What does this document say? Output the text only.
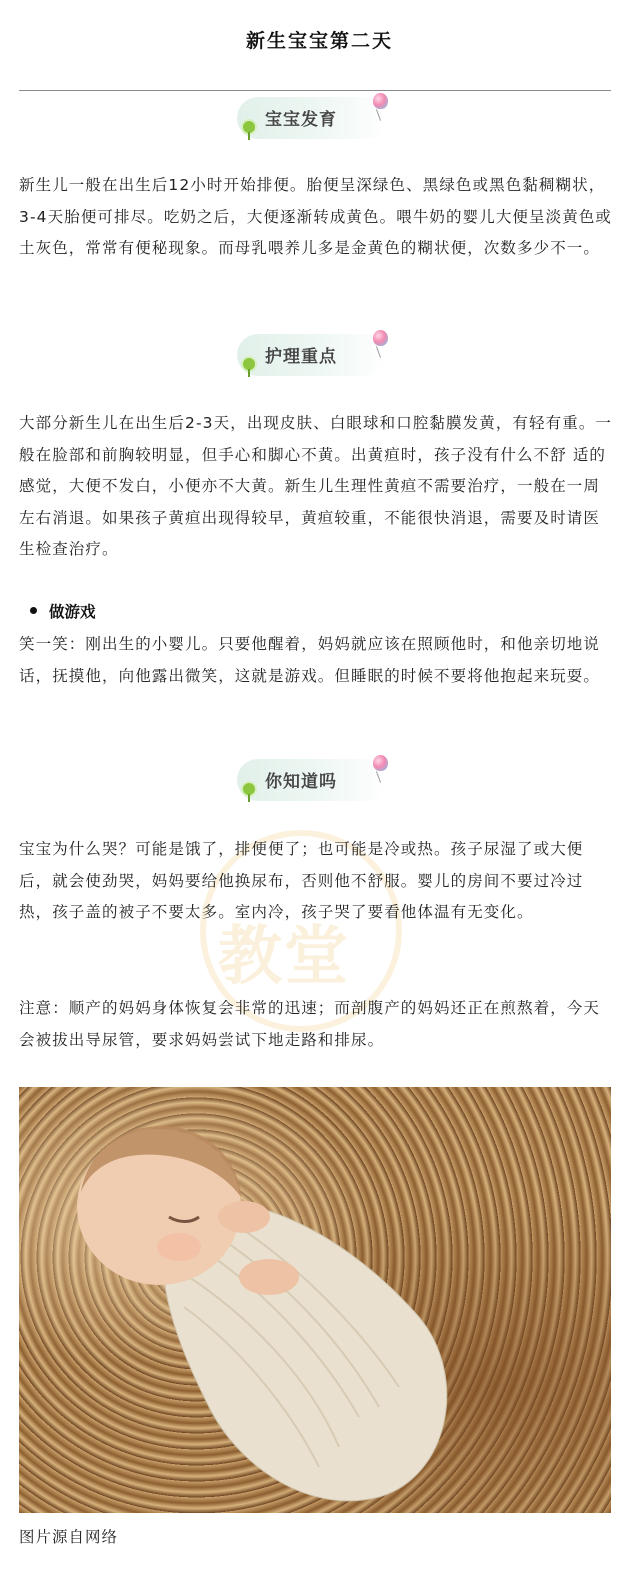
新生宝宝第二天
宝宝发育

新生儿一般在出生后12小时开始排便。胎便呈深绿色、黑绿色或黑色黏稠糊状，3-4天胎便可排尽。吃奶之后，大便逐渐转成黄色。喂牛奶的婴儿大便呈淡黄色或土灰色，常常有便秘现象。而母乳喂养儿多是金黄色的糊状便，次数多少不一。

护理重点

大部分新生儿在出生后2-3天，出现皮肤、白眼球和口腔黏膜发黄，有轻有重。一般在脸部和前胸较明显，但手心和脚心不黄。出黄疸时，孩子没有什么不舒 适的感觉，大便不发白，小便亦不大黄。新生儿生理性黄疸不需要治疗，一般在一周左右消退。如果孩子黄疸出现得较早，黄疸较重，不能很快消退，需要及时请医生检查治疗。

做游戏

笑一笑：刚出生的小婴儿。只要他醒着，妈妈就应该在照顾他时，和他亲切地说话，抚摸他，向他露出微笑，这就是游戏。但睡眠的时候不要将他抱起来玩耍。

你知道吗
教堂

宝宝为什么哭？可能是饿了，排便便了；也可能是冷或热。孩子尿湿了或大便后，就会使劲哭，妈妈要给他换尿布，否则他不舒服。婴儿的房间不要过冷过热，孩子盖的被子不要太多。室内冷，孩子哭了要看他体温有无变化。

注意：顺产的妈妈身体恢复会非常的迅速；而剖腹产的妈妈还正在煎熬着，今天会被拔出导尿管，要求妈妈尝试下地走路和排尿。

图片源自网络
